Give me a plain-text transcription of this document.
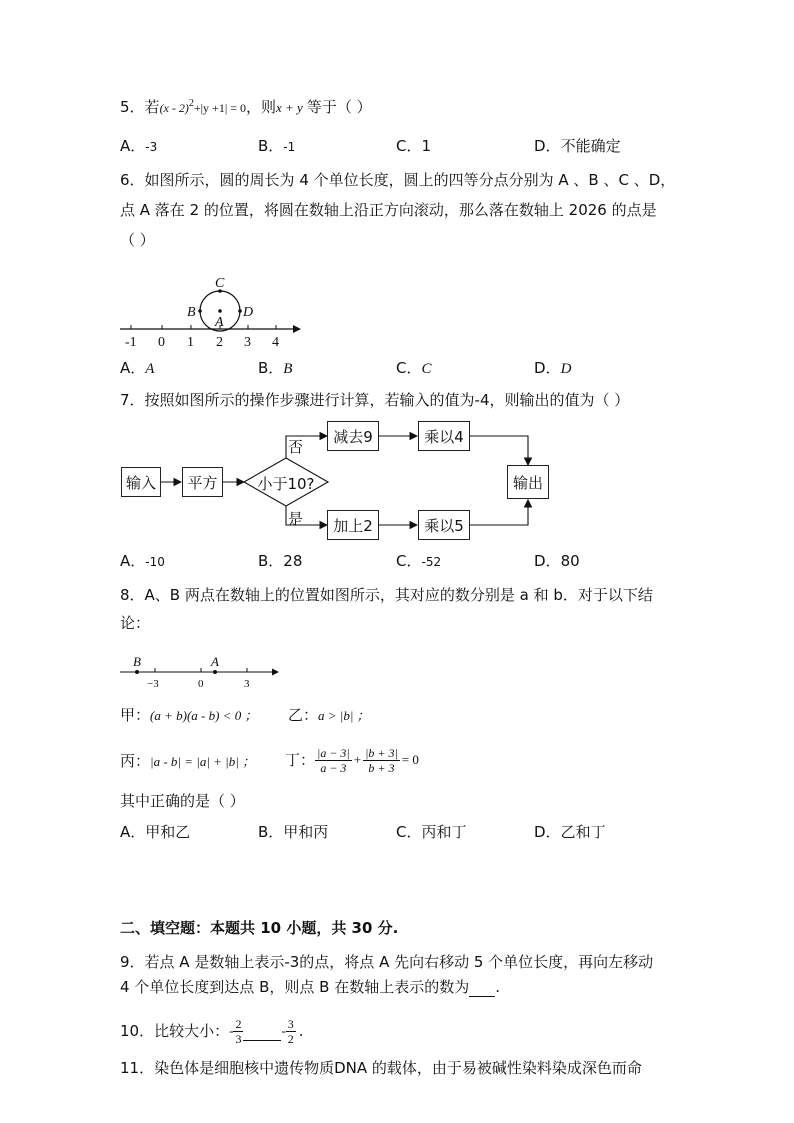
5．若(x - 2)$^2$+|y +1| = 0，则x + y 等于（ ）
A．-3	B．-1	C．1	D．不能确定
6．如图所示，圆的周长为 4 个单位长度，圆上的四等分点分别为 A 、B 、C 、D，
点 A 落在 2 的位置，将圆在数轴上沿正方向滚动，那么落在数轴上 2026 的点是
（ ）
-1 0 1 2 3 4
C
B
A
D
A．A	B．B	C．C	D．D
7．按照如图所示的操作步骤进行计算，若输入的值为-4，则输出的值为（ ）
输入	平方	小于10?
否
是
减去9	乘以4
加上2	乘以5
输出
A．-10	B．28	C．-52	D．80
8．A、B 两点在数轴上的位置如图所示，其对应的数分别是 a 和 b．对于以下结
论：
B	A
−3	0	3
甲：(a + b)(a - b) < 0 ； 乙：a > |b| ；
丙：|a - b| = |a| + |b| ； 丁： $\frac{|a - 3|}{a - 3} + \frac{|b + 3|}{b + 3} = 0$
其中正确的是（ ）
A．甲和乙	B．甲和丙	C．丙和丁	D．乙和丁
二、填空题：本题共 10 小题，共 30 分.
9．若点 A 是数轴上表示-3的点，将点 A 先向右移动 5 个单位长度，再向左移动
4 个单位长度到达点 B，则点 B 在数轴上表示的数为 .
10．比较大小： - $\frac{2}{3}$	- $\frac{3}{2}$ .
11．染色体是细胞核中遗传物质DNA 的载体，由于易被碱性染料染成深色而命
